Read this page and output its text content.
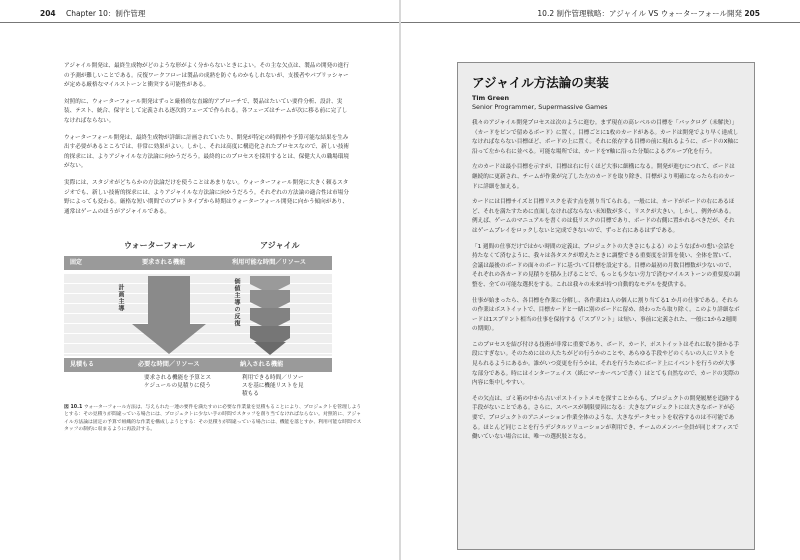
204 Chapter 10：制作管理

アジャイル開発は、最終生成物がどのような形がよく分からないときによい。その主な欠点は、製品の開発の進行の予測が難しいことである。反復ワークフローは製品の成熟を防ぐものかもしれないが、支援者やパブリッシャーが定める厳格なマイルストーンと衝突する可能性がある。

対照的に、ウォーターフォール開発はずっと厳格的な直線的アプローチで、製品はたいてい要件分析、設計、実装、テスト、統合、保守として定義される逐次的フェーズで作られる。各フェーズはチームが次に移る前に完了しなければならない。

ウォーターフォール開発は、最終生成物が詳細に計画されていたり、開発が特定の時間枠や予算可能な結果を生み出す必要があるところでは、非常に効果がよい。しかし、それは高度に構造化されたプロセスなので、新しい技術的探求には、よりアジャイルな方法論に向かうだろう。最終的にのプロセスを採用するとは、保健大人の職場環境がない。

実際には、スタジオがどちらかの方法論だけを使うことはあまりない。ウォーターフォール開発に大きく頼るスタジオでも、新しい技術的探求には、よりアジャイルな方法論に向かうだろう。それぞれの方法論の適合性は市場分野によっても変わる。厳格な短い期間でのプロトタイプから時期はウォーターフォール開発に向かう傾向があり、通常はゲームのほうがアジャイルである。

ウォーターフォール	アジャイル
固定	要求される機能	利用可能な時間／リソース
計画主導	価値主導の反復
見積もる	必要な時間／リソース	納入される機能
要求される機能を予算とスケジュールの見積りに使う
利用できる時間／リソースを基に機能リストを見積もる
図 10.1 ウォーターフォール方法は、与えられた一連の要件を満たすのに必要な作業量を見積もることにより、プロジェクトを管理しようとする：その見積りが間違っている場合には、プロジェクトに少ない手の時間でスタッフを削り当てなければならない。対照的に、アジャイル方法論は固定の予算で組織的な作業を構成しようとする：その見積りが間違っている場合には、機能を落とすか、利用可能な時間でスタッフの制約に収まるように再設計する。
10.2 制作管理戦略：アジャイル VS ウォーターフォール開発 205
アジャイル方法論の実装
Tim Green
Senior Programmer, Supermassive Games

我々のアジャイル開発プロセスは次のように進む。まず現在の高レベルの目標を「バックログ（未解決）」（カードをピンで留めるボード）に置く。目標ごとに1枚のカードがある。カードは開発でより早く達成しなければならない目標ほど、ボードの上に置く。それに依存する目標の前に現れるように、ボードのX軸に沿って左から右に並べる。可能な場所では、カードをY軸に沿った分類によるグループ化を行う。

左のカードは最小目標を示すが、目標は右に行くほど大事に細構になる。開発が進むにつれて、ボードは継続的に更新され、チームが作業が完了した左のカードを取り除き、目標がより明確になったら右のカードに詳細を加える。

カードには目標サイズと目標リスクを表す点を割り当てられる。一般には、カードがボードの右にあるほど、それを満たすために直面しなければならない未知数が多く、リスクが大きい。しかし、例外がある。例えば、ゲームのマニュアルを書くのは低リスクの目標であり、ボードの右側に置かれるべきだが、それはゲームプレイをロックしないと完成できないので、ずっと右にあるはずである。

「1 週間の仕事だけではかい時間の定義は、プロジェクトの大きさにもよる）のようなばかの想い会話を持たなくて済むように、我々は各タスクが増えたときに調整できる重要度を計算を使い、全体を置いて、会議は最後のボードの面々のボードに基づいて目標を設定する。目標の最初の月数目標数が少ないので、それぞれの各カードの見積りを積み上げることで、もっとも少ない労力で済むマイルストーンの重要度の調整を、全ての可能な選択をする。これは我々の未来が持つ自動的なモデルを提供する。

仕事が始まったら、各目標を作業に分解し、各作業は1人の個人に割り当てる1 か月の仕事である。それらの作業はボストイットで、目標カードと一緒に別のボードに留め、終わったら取り除く。このより詳細なボードは1スプリント相当の仕事を保持する（「スプリント」は短い、事前に定義された、一般に1から2週間の期間）。

このプロセスを結び付ける技術が非常に重要であり、ボード、カード、ポストイットはそれに取り掛かる手段にすぎない。そのためにはの人たちがどの行うかのことや、あらゆる手段やどのくらいの人にリストを見られるようにあるか。誰がいつ変更を行うかは、それを行うためにボード上にイベントを行うのが大事な部分である。時にはインターフェイス（紙にマーカーペンで書く）はとても自然なので、カードの実際の内容に集中しやすい。

その欠点は、ゴミ箱の中から古いポストイットメモを探すことからも、プロジェクトの開発履歴を追跡する手段がないことである。さらに、スペースが制限要因になる：大きなプロジェクトには大きなボードが必要で、プロジェクトのアニメーション作業全体のような、大きなデータセットを収容するのは不可能である。ほとんど同じことを行うデジタルソリューションが利用でき、チームのメンバー全員が同じオフィスで働いていない場合には、唯一の選択肢となる。
